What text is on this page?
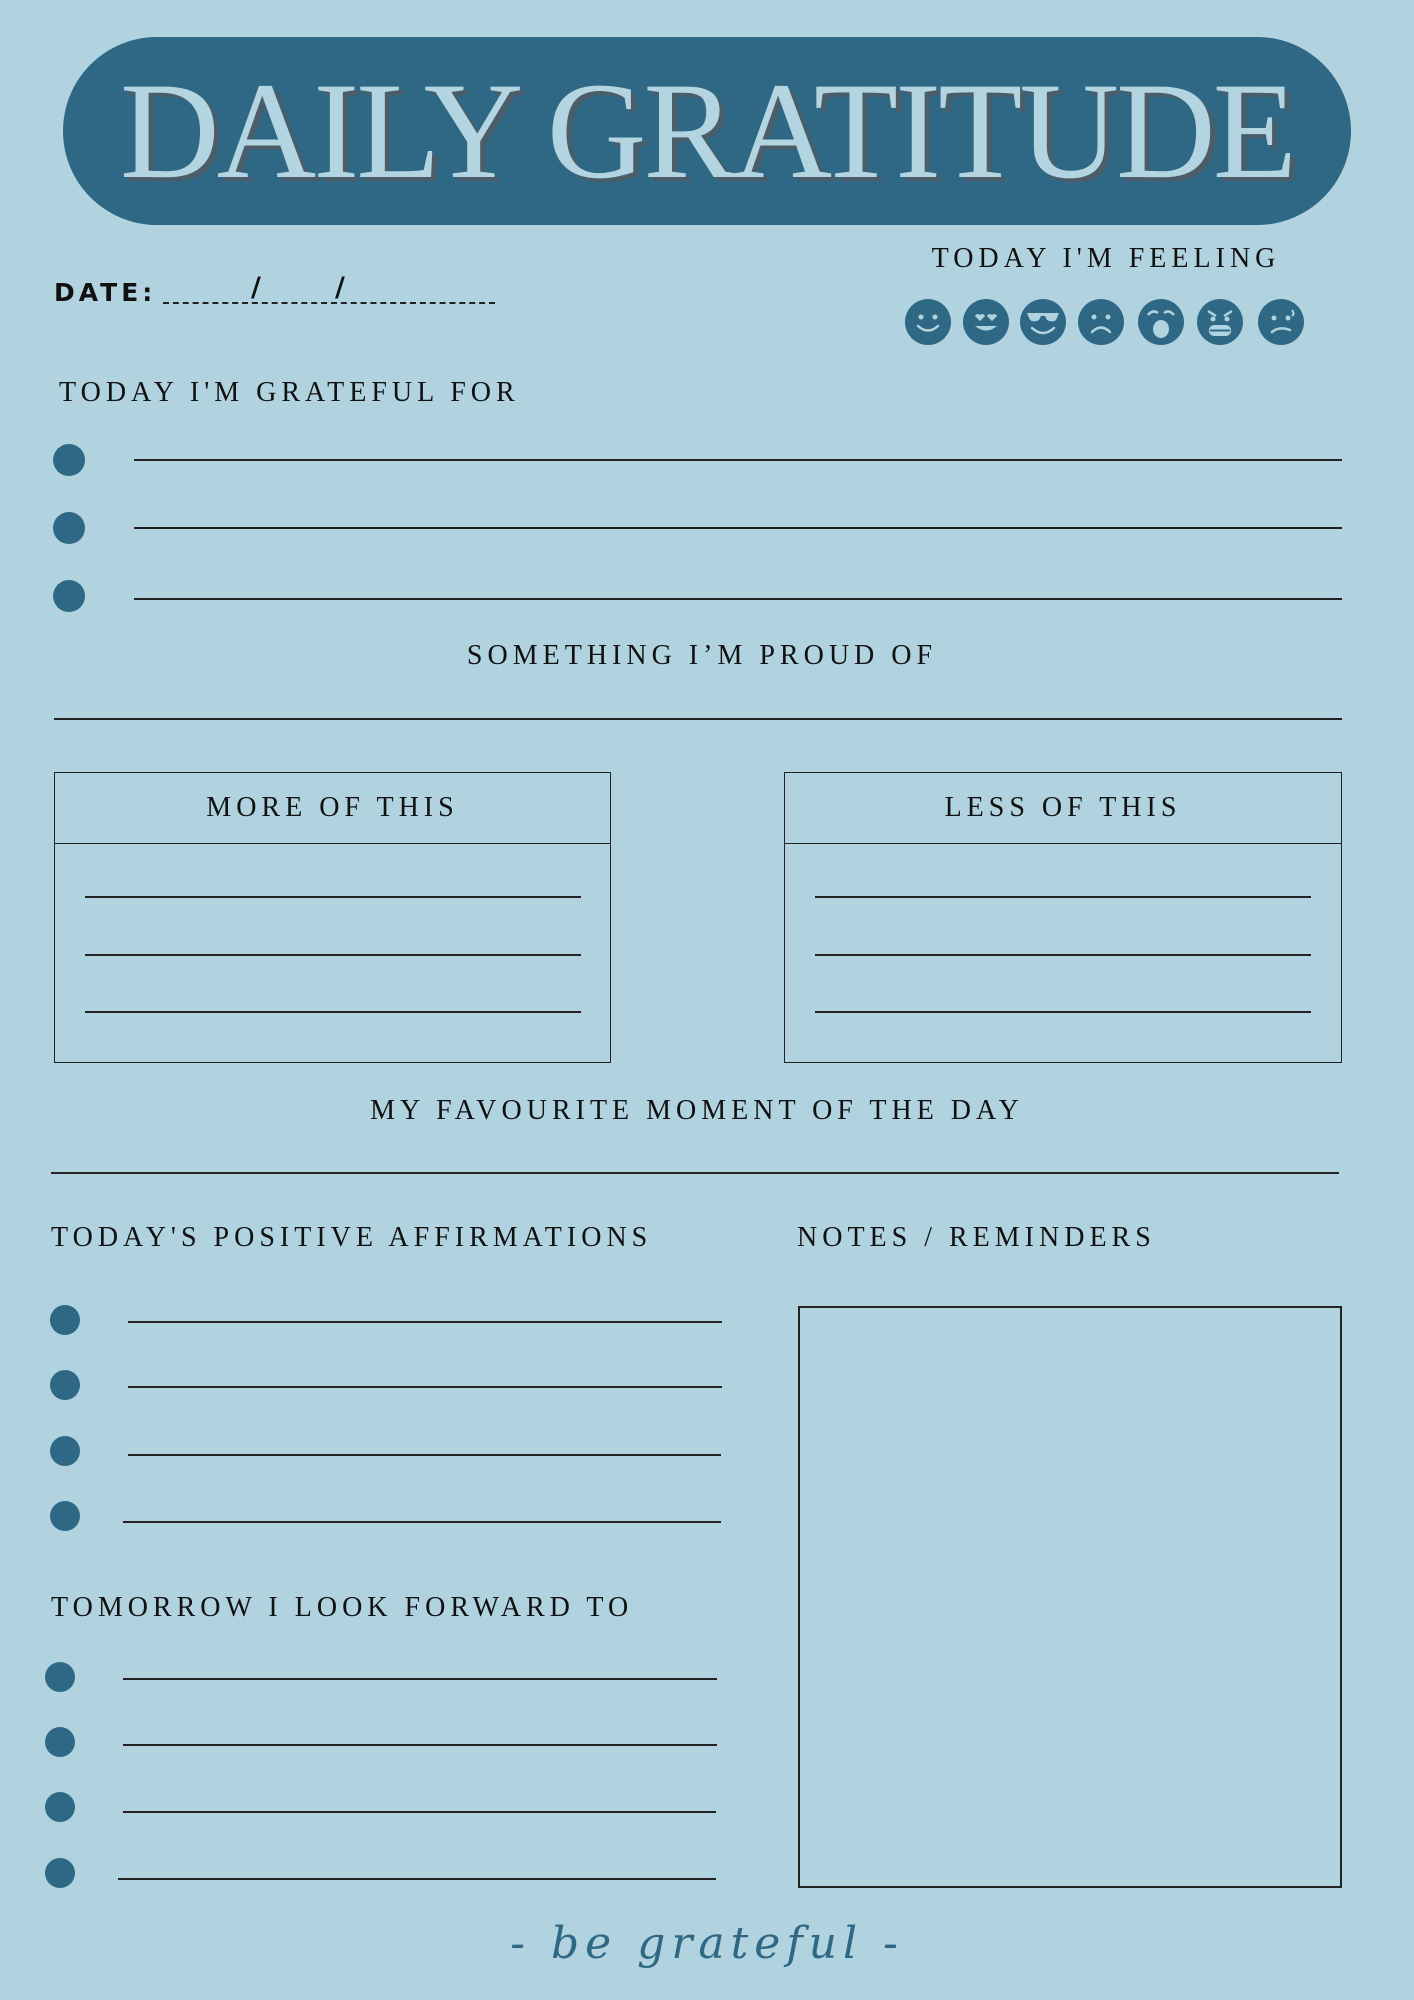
DAILY GRATITUDE
DATE:	/	/
TODAY I'M FEELING
TODAY I'M GRATEFUL FOR
SOMETHING I’M PROUD OF
MORE OF THIS	LESS OF THIS
MY FAVOURITE MOMENT OF THE DAY
TODAY'S POSITIVE AFFIRMATIONS
TOMORROW I LOOK FORWARD TO
NOTES / REMINDERS
- be grateful -
